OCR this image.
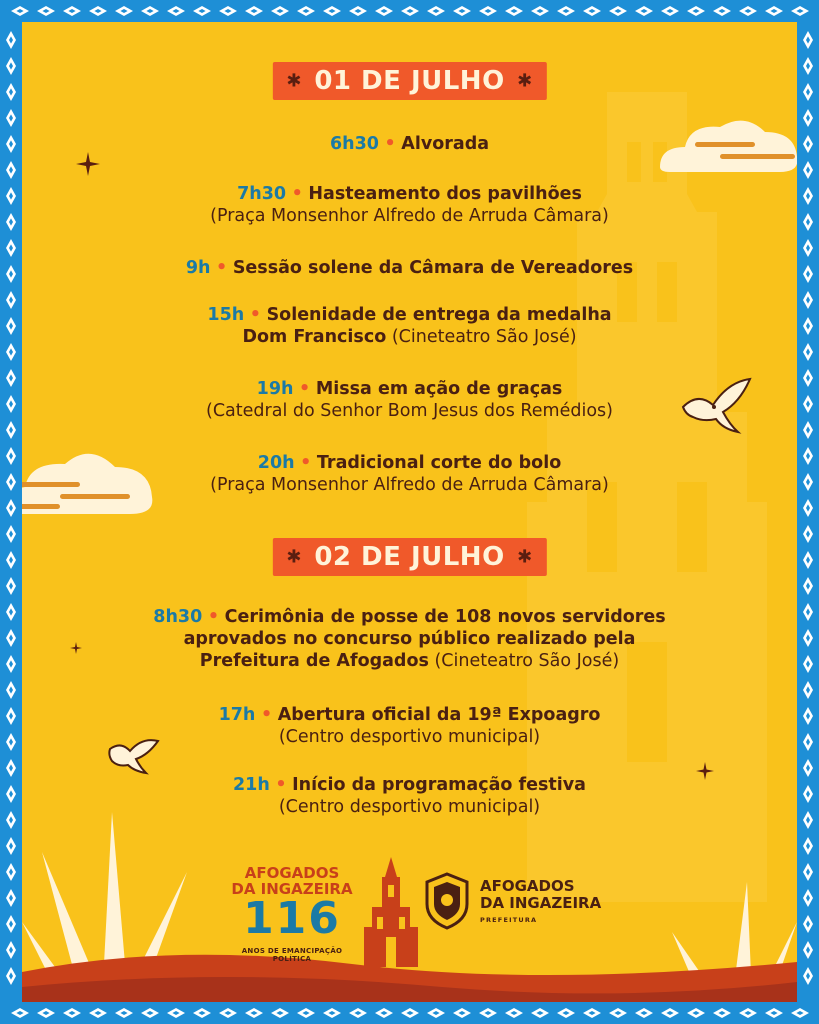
✱ 01 DE JULHO ✱
6h30 • Alvorada
7h30 • Hasteamento dos pavilhões
(Praça Monsenhor Alfredo de Arruda Câmara)
9h • Sessão solene da Câmara de Vereadores
15h • Solenidade de entrega da medalha
Dom Francisco (Cineteatro São José)
19h • Missa em ação de graças
(Catedral do Senhor Bom Jesus dos Remédios)
20h • Tradicional corte do bolo
(Praça Monsenhor Alfredo de Arruda Câmara)
✱ 02 DE JULHO ✱
8h30 • Cerimônia de posse de 108 novos servidores
aprovados no concurso público realizado pela
Prefeitura de Afogados (Cineteatro São José)
17h • Abertura oficial da 19ª Expoagro
(Centro desportivo municipal)
21h • Início da programação festiva
(Centro desportivo municipal)
AFOGADOS
DA INGAZEIRA
116
ANOS DE EMANCIPAÇÃO POLÍTICA
AFOGADOS
DA INGAZEIRA
PREFEITURA
